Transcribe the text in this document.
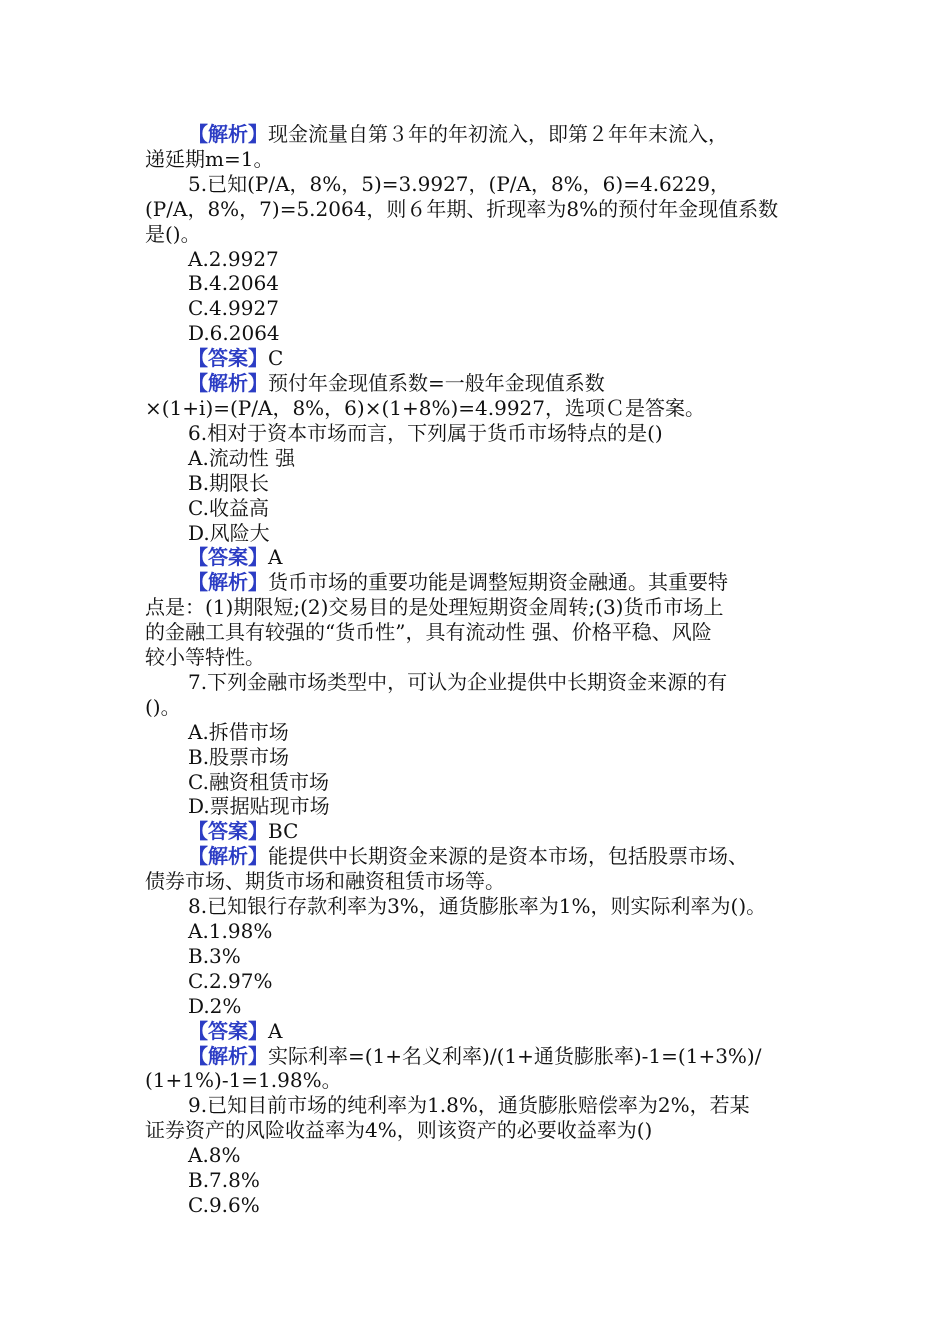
【解析】现金流量自第３年的年初流入，即第２年年末流入，
递延期m=1。
5.已知(P/A，8%，5)=3.9927，(P/A，8%，6)=4.6229，
(P/A，8%，7)=5.2064，则６年期、折现率为8%的预付年金现值系数
是()。
A.2.9927
B.4.2064
C.4.9927
D.6.2064
【答案】C
【解析】预付年金现值系数=一般年金现值系数
×(1+i)=(P/A，8%，6)×(1+8%)=4.9927，选项Ｃ是答案。
6.相对于资本市场而言，下列属于货币市场特点的是()
A.流动性 强
B.期限长
C.收益高
D.风险大
【答案】A
【解析】货币市场的重要功能是调整短期资金融通。其重要特
点是：(1)期限短;(2)交易目的是处理短期资金周转;(3)货币市场上
的金融工具有较强的“货币性”，具有流动性 强、价格平稳、风险
较小等特性。
7.下列金融市场类型中，可认为企业提供中长期资金来源的有
()。
A.拆借市场
B.股票市场
C.融资租赁市场
D.票据贴现市场
【答案】BC
【解析】能提供中长期资金来源的是资本市场，包括股票市场、
债券市场、期货市场和融资租赁市场等。
8.已知银行存款利率为3%，通货膨胀率为1%，则实际利率为()。
A.1.98%
B.3%
C.2.97%
D.2%
【答案】A
【解析】实际利率=(1+名义利率)/(1+通货膨胀率)-1=(1+3%)/
(1+1%)-1=1.98%。
9.已知目前市场的纯利率为1.8%，通货膨胀赔偿率为2%，若某
证券资产的风险收益率为4%，则该资产的必要收益率为()
A.8%
B.7.8%
C.9.6%
